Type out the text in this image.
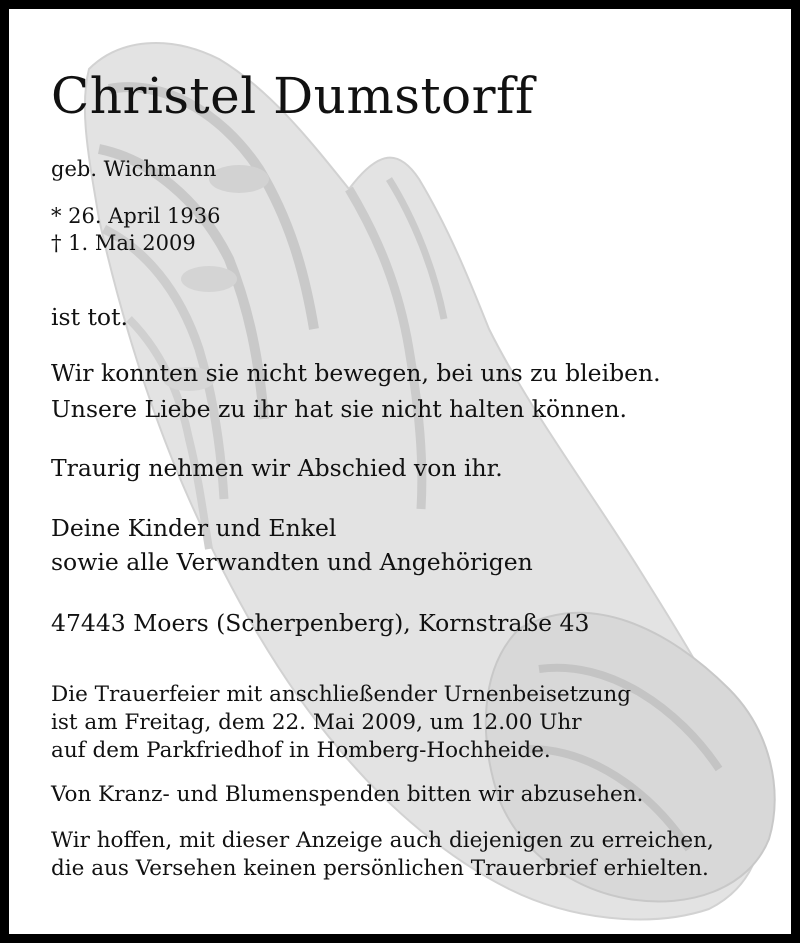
Christel Dumstorff
geb. Wichmann
* 26. April 1936
† 1. Mai 2009
ist tot.
Wir konnten sie nicht bewegen, bei uns zu bleiben.
Unsere Liebe zu ihr hat sie nicht halten können.
Traurig nehmen wir Abschied von ihr.
Deine Kinder und Enkel
sowie alle Verwandten und Angehörigen
47443 Moers (Scherpenberg), Kornstraße 43
Die Trauerfeier mit anschließender Urnenbeisetzung
ist am Freitag, dem 22. Mai 2009, um 12.00 Uhr
auf dem Parkfriedhof in Homberg-Hochheide.
Von Kranz- und Blumenspenden bitten wir abzusehen.
Wir hoffen, mit dieser Anzeige auch diejenigen zu erreichen,
die aus Versehen keinen persönlichen Trauerbrief erhielten.
